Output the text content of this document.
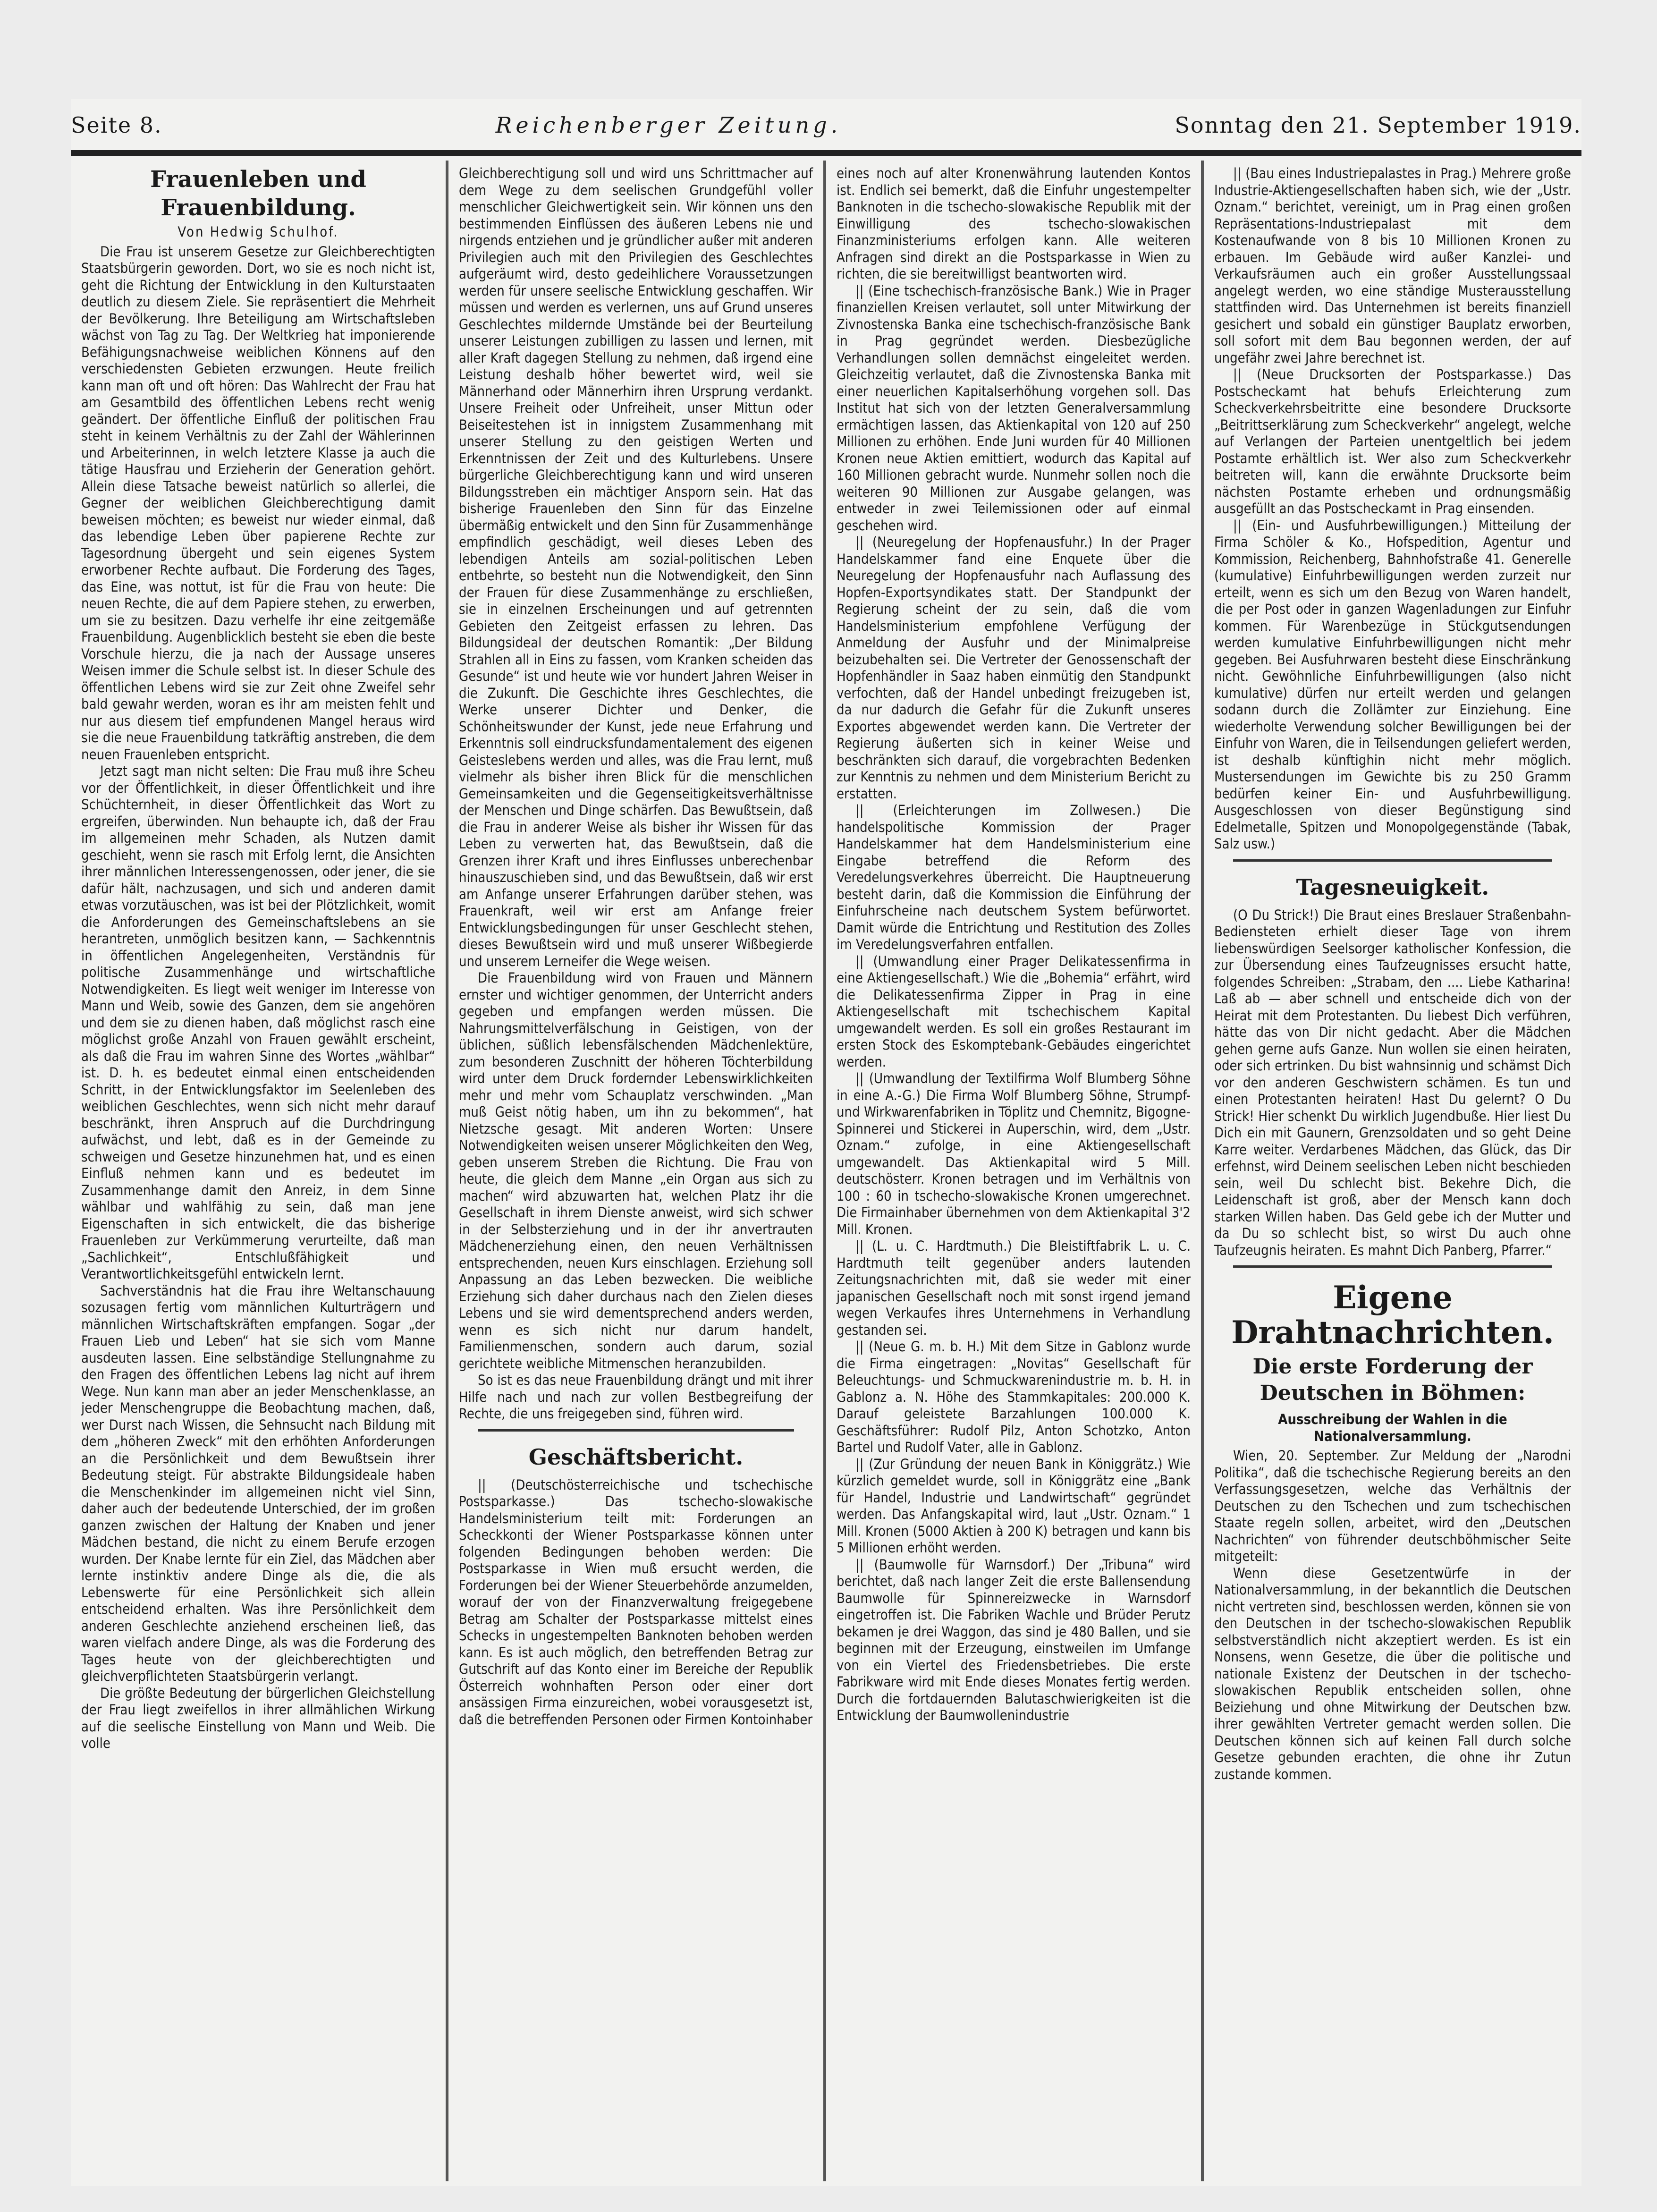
Seite 8.	Reichenberger Zeitung.	Sonntag den 21. September 1919.
Frauenleben und Frauenbildung.
Von Hedwig Schulhof.

Die Frau ist unserem Gesetze zur Gleichberechtigten Staatsbürgerin geworden. Dort, wo sie es noch nicht ist, geht die Richtung der Entwicklung in den Kulturstaaten deutlich zu diesem Ziele. Sie repräsentiert die Mehrheit der Bevölkerung. Ihre Beteiligung am Wirtschaftsleben wächst von Tag zu Tag. Der Weltkrieg hat imponierende Befähigungsnachweise weiblichen Könnens auf den verschiedensten Gebieten erzwungen. Heute freilich kann man oft und oft hören: Das Wahlrecht der Frau hat am Gesamtbild des öffentlichen Lebens recht wenig geändert. Der öffentliche Einfluß der politischen Frau steht in keinem Verhältnis zu der Zahl der Wählerinnen und Arbeiterinnen, in welch letztere Klasse ja auch die tätige Hausfrau und Erzieherin der Generation gehört. Allein diese Tatsache beweist natürlich so allerlei, die Gegner der weiblichen Gleichberechtigung damit beweisen möchten; es beweist nur wieder einmal, daß das lebendige Leben über papierene Rechte zur Tagesordnung übergeht und sein eigenes System erworbener Rechte aufbaut. Die Forderung des Tages, das Eine, was nottut, ist für die Frau von heute: Die neuen Rechte, die auf dem Papiere stehen, zu erwerben, um sie zu besitzen. Dazu verhelfe ihr eine zeitgemäße Frauenbildung. Augenblicklich besteht sie eben die beste Vorschule hierzu, die ja nach der Aussage unseres Weisen immer die Schule selbst ist. In dieser Schule des öffentlichen Lebens wird sie zur Zeit ohne Zweifel sehr bald gewahr werden, woran es ihr am meisten fehlt und nur aus diesem tief empfundenen Mangel heraus wird sie die neue Frauenbildung tatkräftig anstreben, die dem neuen Frauenleben entspricht.

Jetzt sagt man nicht selten: Die Frau muß ihre Scheu vor der Öffentlichkeit, in dieser Öffentlichkeit und ihre Schüchternheit, in dieser Öffentlichkeit das Wort zu ergreifen, überwinden. Nun behaupte ich, daß der Frau im allgemeinen mehr Schaden, als Nutzen damit geschieht, wenn sie rasch mit Erfolg lernt, die Ansichten ihrer männlichen Interessengenossen, oder jener, die sie dafür hält, nachzusagen, und sich und anderen damit etwas vorzutäuschen, was ist bei der Plötzlichkeit, womit die Anforderungen des Gemeinschaftslebens an sie herantreten, unmöglich besitzen kann, — Sachkenntnis in öffentlichen Angelegenheiten, Verständnis für politische Zusammenhänge und wirtschaftliche Notwendigkeiten. Es liegt weit weniger im Interesse von Mann und Weib, sowie des Ganzen, dem sie angehören und dem sie zu dienen haben, daß möglichst rasch eine möglichst große Anzahl von Frauen gewählt erscheint, als daß die Frau im wahren Sinne des Wortes „wählbar“ ist. D. h. es bedeutet einmal einen entscheidenden Schritt, in der Entwicklungsfaktor im Seelenleben des weiblichen Geschlechtes, wenn sich nicht mehr darauf beschränkt, ihren Anspruch auf die Durchdringung aufwächst, und lebt, daß es in der Gemeinde zu schweigen und Gesetze hinzunehmen hat, und es einen Einfluß nehmen kann und es bedeutet im Zusammenhange damit den Anreiz, in dem Sinne wählbar und wahlfähig zu sein, daß man jene Eigenschaften in sich entwickelt, die das bisherige Frauenleben zur Verkümmerung verurteilte, daß man „Sachlichkeit“, Entschlußfähigkeit und Verantwortlichkeitsgefühl entwickeln lernt.

Sachverständnis hat die Frau ihre Weltanschauung sozusagen fertig vom männlichen Kulturträgern und männlichen Wirtschaftskräften empfangen. Sogar „der Frauen Lieb und Leben“ hat sie sich vom Manne ausdeuten lassen. Eine selbständige Stellungnahme zu den Fragen des öffentlichen Lebens lag nicht auf ihrem Wege. Nun kann man aber an jeder Menschenklasse, an jeder Menschengruppe die Beobachtung machen, daß, wer Durst nach Wissen, die Sehnsucht nach Bildung mit dem „höheren Zweck“ mit den erhöhten Anforderungen an die Persönlichkeit und dem Bewußtsein ihrer Bedeutung steigt. Für abstrakte Bildungsideale haben die Menschenkinder im allgemeinen nicht viel Sinn, daher auch der bedeutende Unterschied, der im großen ganzen zwischen der Haltung der Knaben und jener Mädchen bestand, die nicht zu einem Berufe erzogen wurden. Der Knabe lernte für ein Ziel, das Mädchen aber lernte instinktiv andere Dinge als die, die als Lebenswerte für eine Persönlichkeit sich allein entscheidend erhalten. Was ihre Persönlichkeit dem anderen Geschlechte anziehend erscheinen ließ, das waren vielfach andere Dinge, als was die Forderung des Tages heute von der gleichberechtigten und gleichverpflichteten Staatsbürgerin verlangt.

Die größte Bedeutung der bürgerlichen Gleichstellung der Frau liegt zweifellos in ihrer allmählichen Wirkung auf die seelische Einstellung von Mann und Weib. Die volle

Gleichberechtigung soll und wird uns Schrittmacher auf dem Wege zu dem seelischen Grundgefühl voller menschlicher Gleichwertigkeit sein. Wir können uns den bestimmenden Einflüssen des äußeren Lebens nie und nirgends entziehen und je gründlicher außer mit anderen Privilegien auch mit den Privilegien des Geschlechtes aufgeräumt wird, desto gedeihlichere Voraussetzungen werden für unsere seelische Entwicklung geschaffen. Wir müssen und werden es verlernen, uns auf Grund unseres Geschlechtes mildernde Umstände bei der Beurteilung unserer Leistungen zubilligen zu lassen und lernen, mit aller Kraft dagegen Stellung zu nehmen, daß irgend eine Leistung deshalb höher bewertet wird, weil sie Männerhand oder Männerhirn ihren Ursprung verdankt. Unsere Freiheit oder Unfreiheit, unser Mittun oder Beiseitestehen ist in innigstem Zusammenhang mit unserer Stellung zu den geistigen Werten und Erkenntnissen der Zeit und des Kulturlebens. Unsere bürgerliche Gleichberechtigung kann und wird unseren Bildungsstreben ein mächtiger Ansporn sein. Hat das bisherige Frauenleben den Sinn für das Einzelne übermäßig entwickelt und den Sinn für Zusammenhänge empfindlich geschädigt, weil dieses Leben des lebendigen Anteils am sozial-politischen Leben entbehrte, so besteht nun die Notwendigkeit, den Sinn der Frauen für diese Zusammenhänge zu erschließen, sie in einzelnen Erscheinungen und auf getrennten Gebieten den Zeitgeist erfassen zu lehren. Das Bildungsideal der deutschen Romantik: „Der Bildung Strahlen all in Eins zu fassen, vom Kranken scheiden das Gesunde“ ist und heute wie vor hundert Jahren Weiser in die Zukunft. Die Geschichte ihres Geschlechtes, die Werke unserer Dichter und Denker, die Schönheitswunder der Kunst, jede neue Erfahrung und Erkenntnis soll eindrucksfundamentalement des eigenen Geisteslebens werden und alles, was die Frau lernt, muß vielmehr als bisher ihren Blick für die menschlichen Gemeinsamkeiten und die Gegenseitigkeitsverhältnisse der Menschen und Dinge schärfen. Das Bewußtsein, daß die Frau in anderer Weise als bisher ihr Wissen für das Leben zu verwerten hat, das Bewußtsein, daß die Grenzen ihrer Kraft und ihres Einflusses unberechenbar hinauszuschieben sind, und das Bewußtsein, daß wir erst am Anfange unserer Erfahrungen darüber stehen, was Frauenkraft, weil wir erst am Anfange freier Entwicklungsbedingungen für unser Geschlecht stehen, dieses Bewußtsein wird und muß unserer Wißbegierde und unserem Lerneifer die Wege weisen.

Die Frauenbildung wird von Frauen und Männern ernster und wichtiger genommen, der Unterricht anders gegeben und empfangen werden müssen. Die Nahrungsmittelverfälschung in Geistigen, von der üblichen, süßlich lebensfälschenden Mädchenlektüre, zum besonderen Zuschnitt der höheren Töchterbildung wird unter dem Druck fordernder Lebenswirklichkeiten mehr und mehr vom Schauplatz verschwinden. „Man muß Geist nötig haben, um ihn zu bekommen“, hat Nietzsche gesagt. Mit anderen Worten: Unsere Notwendigkeiten weisen unserer Möglichkeiten den Weg, geben unserem Streben die Richtung. Die Frau von heute, die gleich dem Manne „ein Organ aus sich zu machen“ wird abzuwarten hat, welchen Platz ihr die Gesellschaft in ihrem Dienste anweist, wird sich schwer in der Selbsterziehung und in der ihr anvertrauten Mädchenerziehung einen, den neuen Verhältnissen entsprechenden, neuen Kurs einschlagen. Erziehung soll Anpassung an das Leben bezwecken. Die weibliche Erziehung sich daher durchaus nach den Zielen dieses Lebens und sie wird dementsprechend anders werden, wenn es sich nicht nur darum handelt, Familienmenschen, sondern auch darum, sozial gerichtete weibliche Mitmenschen heranzubilden.

So ist es das neue Frauenbildung drängt und mit ihrer Hilfe nach und nach zur vollen Bestbegreifung der Rechte, die uns freigegeben sind, führen wird.

Geschäftsbericht.

|| (Deutschösterreichische und tschechische Postsparkasse.) Das tschecho-slowakische Handelsministerium teilt mit: Forderungen an Scheckkonti der Wiener Postsparkasse können unter folgenden Bedingungen behoben werden: Die Postsparkasse in Wien muß ersucht werden, die Forderungen bei der Wiener Steuerbehörde anzumelden, worauf der von der Finanzverwaltung freigegebene Betrag am Schalter der Postsparkasse mittelst eines Schecks in ungestempelten Banknoten behoben werden kann. Es ist auch möglich, den betreffenden Betrag zur Gutschrift auf das Konto einer im Bereiche der Republik Österreich wohnhaften Person oder einer dort ansässigen Firma einzureichen, wobei vorausgesetzt ist, daß die betreffenden Personen oder Firmen Kontoinhaber

eines noch auf alter Kronenwährung lautenden Kontos ist. Endlich sei bemerkt, daß die Einfuhr ungestempelter Banknoten in die tschecho-slowakische Republik mit der Einwilligung des tschecho-slowakischen Finanzministeriums erfolgen kann. Alle weiteren Anfragen sind direkt an die Postsparkasse in Wien zu richten, die sie bereitwilligst beantworten wird.

|| (Eine tschechisch-französische Bank.) Wie in Prager finanziellen Kreisen verlautet, soll unter Mitwirkung der Zivnostenska Banka eine tschechisch-französische Bank in Prag gegründet werden. Diesbezügliche Verhandlungen sollen demnächst eingeleitet werden. Gleichzeitig verlautet, daß die Zivnostenska Banka mit einer neuerlichen Kapitalserhöhung vorgehen soll. Das Institut hat sich von der letzten Generalversammlung ermächtigen lassen, das Aktienkapital von 120 auf 250 Millionen zu erhöhen. Ende Juni wurden für 40 Millionen Kronen neue Aktien emittiert, wodurch das Kapital auf 160 Millionen gebracht wurde. Nunmehr sollen noch die weiteren 90 Millionen zur Ausgabe gelangen, was entweder in zwei Teilemissionen oder auf einmal geschehen wird.

|| (Neuregelung der Hopfenausfuhr.) In der Prager Handelskammer fand eine Enquete über die Neuregelung der Hopfenausfuhr nach Auflassung des Hopfen-Exportsyndikates statt. Der Standpunkt der Regierung scheint der zu sein, daß die vom Handelsministerium empfohlene Verfügung der Anmeldung der Ausfuhr und der Minimalpreise beizubehalten sei. Die Vertreter der Genossenschaft der Hopfenhändler in Saaz haben einmütig den Standpunkt verfochten, daß der Handel unbedingt freizugeben ist, da nur dadurch die Gefahr für die Zukunft unseres Exportes abgewendet werden kann. Die Vertreter der Regierung äußerten sich in keiner Weise und beschränkten sich darauf, die vorgebrachten Bedenken zur Kenntnis zu nehmen und dem Ministerium Bericht zu erstatten.

|| (Erleichterungen im Zollwesen.) Die handelspolitische Kommission der Prager Handelskammer hat dem Handelsministerium eine Eingabe betreffend die Reform des Veredelungsverkehres überreicht. Die Hauptneuerung besteht darin, daß die Kommission die Einführung der Einfuhrscheine nach deutschem System befürwortet. Damit würde die Entrichtung und Restitution des Zolles im Veredelungsverfahren entfallen.

|| (Umwandlung einer Prager Delikatessenfirma in eine Aktiengesellschaft.) Wie die „Bohemia“ erfährt, wird die Delikatessenfirma Zipper in Prag in eine Aktiengesellschaft mit tschechischem Kapital umgewandelt werden. Es soll ein großes Restaurant im ersten Stock des Eskomptebank-Gebäudes eingerichtet werden.

|| (Umwandlung der Textilfirma Wolf Blumberg Söhne in eine A.-G.) Die Firma Wolf Blumberg Söhne, Strumpf- und Wirkwarenfabriken in Töplitz und Chemnitz, Bigogne-Spinnerei und Stickerei in Auperschin, wird, dem „Ustr. Oznam.“ zufolge, in eine Aktiengesellschaft umgewandelt. Das Aktienkapital wird 5 Mill. deutschösterr. Kronen betragen und im Verhältnis von 100 : 60 in tschecho-slowakische Kronen umgerechnet. Die Firmainhaber übernehmen von dem Aktienkapital 3'2 Mill. Kronen.

|| (L. u. C. Hardtmuth.) Die Bleistiftfabrik L. u. C. Hardtmuth teilt gegenüber anders lautenden Zeitungsnachrichten mit, daß sie weder mit einer japanischen Gesellschaft noch mit sonst irgend jemand wegen Verkaufes ihres Unternehmens in Verhandlung gestanden sei.

|| (Neue G. m. b. H.) Mit dem Sitze in Gablonz wurde die Firma eingetragen: „Novitas“ Gesellschaft für Beleuchtungs- und Schmuckwarenindustrie m. b. H. in Gablonz a. N. Höhe des Stammkapitales: 200.000 K. Darauf geleistete Barzahlungen 100.000 K. Geschäftsführer: Rudolf Pilz, Anton Schotzko, Anton Bartel und Rudolf Vater, alle in Gablonz.

|| (Zur Gründung der neuen Bank in Königgrätz.) Wie kürzlich gemeldet wurde, soll in Königgrätz eine „Bank für Handel, Industrie und Landwirtschaft“ gegründet werden. Das Anfangskapital wird, laut „Ustr. Oznam.“ 1 Mill. Kronen (5000 Aktien à 200 K) betragen und kann bis 5 Millionen erhöht werden.

|| (Baumwolle für Warnsdorf.) Der „Tribuna“ wird berichtet, daß nach langer Zeit die erste Ballensendung Baumwolle für Spinnereizwecke in Warnsdorf eingetroffen ist. Die Fabriken Wachle und Brüder Perutz bekamen je drei Waggon, das sind je 480 Ballen, und sie beginnen mit der Erzeugung, einstweilen im Umfange von ein Viertel des Friedensbetriebes. Die erste Fabrikware wird mit Ende dieses Monates fertig werden. Durch die fortdauernden Balutaschwierigkeiten ist die Entwicklung der Baumwollenindustrie

|| (Bau eines Industriepalastes in Prag.) Mehrere große Industrie-Aktiengesellschaften haben sich, wie der „Ustr. Oznam.“ berichtet, vereinigt, um in Prag einen großen Repräsentations-Industriepalast mit dem Kostenaufwande von 8 bis 10 Millionen Kronen zu erbauen. Im Gebäude wird außer Kanzlei- und Verkaufsräumen auch ein großer Ausstellungssaal angelegt werden, wo eine ständige Musterausstellung stattfinden wird. Das Unternehmen ist bereits finanziell gesichert und sobald ein günstiger Bauplatz erworben, soll sofort mit dem Bau begonnen werden, der auf ungefähr zwei Jahre berechnet ist.

|| (Neue Drucksorten der Postsparkasse.) Das Postscheckamt hat behufs Erleichterung zum Scheckverkehrsbeitritte eine besondere Drucksorte „Beitrittserklärung zum Scheckverkehr“ angelegt, welche auf Verlangen der Parteien unentgeltlich bei jedem Postamte erhältlich ist. Wer also zum Scheckverkehr beitreten will, kann die erwähnte Drucksorte beim nächsten Postamte erheben und ordnungsmäßig ausgefüllt an das Postscheckamt in Prag einsenden.

|| (Ein- und Ausfuhrbewilligungen.) Mitteilung der Firma Schöler & Ko., Hofspedition, Agentur und Kommission, Reichenberg, Bahnhofstraße 41. Generelle (kumulative) Einfuhrbewilligungen werden zurzeit nur erteilt, wenn es sich um den Bezug von Waren handelt, die per Post oder in ganzen Wagenladungen zur Einfuhr kommen. Für Warenbezüge in Stückgutsendungen werden kumulative Einfuhrbewilligungen nicht mehr gegeben. Bei Ausfuhrwaren besteht diese Einschränkung nicht. Gewöhnliche Einfuhrbewilligungen (also nicht kumulative) dürfen nur erteilt werden und gelangen sodann durch die Zollämter zur Einziehung. Eine wiederholte Verwendung solcher Bewilligungen bei der Einfuhr von Waren, die in Teilsendungen geliefert werden, ist deshalb künftighin nicht mehr möglich. Mustersendungen im Gewichte bis zu 250 Gramm bedürfen keiner Ein- und Ausfuhrbewilligung. Ausgeschlossen von dieser Begünstigung sind Edelmetalle, Spitzen und Monopolgegenstände (Tabak, Salz usw.)

Tagesneuigkeit.

(O Du Strick!) Die Braut eines Breslauer Straßenbahn-Bediensteten erhielt dieser Tage von ihrem liebenswürdigen Seelsorger katholischer Konfession, die zur Übersendung eines Taufzeugnisses ersucht hatte, folgendes Schreiben: „Strabam, den .... Liebe Katharina! Laß ab — aber schnell und entscheide dich von der Heirat mit dem Protestanten. Du liebest Dich verführen, hätte das von Dir nicht gedacht. Aber die Mädchen gehen gerne aufs Ganze. Nun wollen sie einen heiraten, oder sich ertrinken. Du bist wahnsinnig und schämst Dich vor den anderen Geschwistern schämen. Es tun und einen Protestanten heiraten! Hast Du gelernt? O Du Strick! Hier schenkt Du wirklich Jugendbuße. Hier liest Du Dich ein mit Gaunern, Grenzsoldaten und so geht Deine Karre weiter. Verdarbenes Mädchen, das Glück, das Dir erfehnst, wird Deinem seelischen Leben nicht beschieden sein, weil Du schlecht bist. Bekehre Dich, die Leidenschaft ist groß, aber der Mensch kann doch starken Willen haben. Das Geld gebe ich der Mutter und da Du so schlecht bist, so wirst Du auch ohne Taufzeugnis heiraten. Es mahnt Dich Panberg, Pfarrer.“

Eigene Drahtnachrichten.
Die erste Forderung der Deutschen in Böhmen:
Ausschreibung der Wahlen in die Nationalversammlung.

Wien, 20. September. Zur Meldung der „Narodni Politika“, daß die tschechische Regierung bereits an den Verfassungsgesetzen, welche das Verhältnis der Deutschen zu den Tschechen und zum tschechischen Staate regeln sollen, arbeitet, wird den „Deutschen Nachrichten“ von führender deutschböhmischer Seite mitgeteilt:

Wenn diese Gesetzentwürfe in der Nationalversammlung, in der bekanntlich die Deutschen nicht vertreten sind, beschlossen werden, können sie von den Deutschen in der tschecho-slowakischen Republik selbstverständlich nicht akzeptiert werden. Es ist ein Nonsens, wenn Gesetze, die über die politische und nationale Existenz der Deutschen in der tschecho-slowakischen Republik entscheiden sollen, ohne Beiziehung und ohne Mitwirkung der Deutschen bzw. ihrer gewählten Vertreter gemacht werden sollen. Die Deutschen können sich auf keinen Fall durch solche Gesetze gebunden erachten, die ohne ihr Zutun zustande kommen.
